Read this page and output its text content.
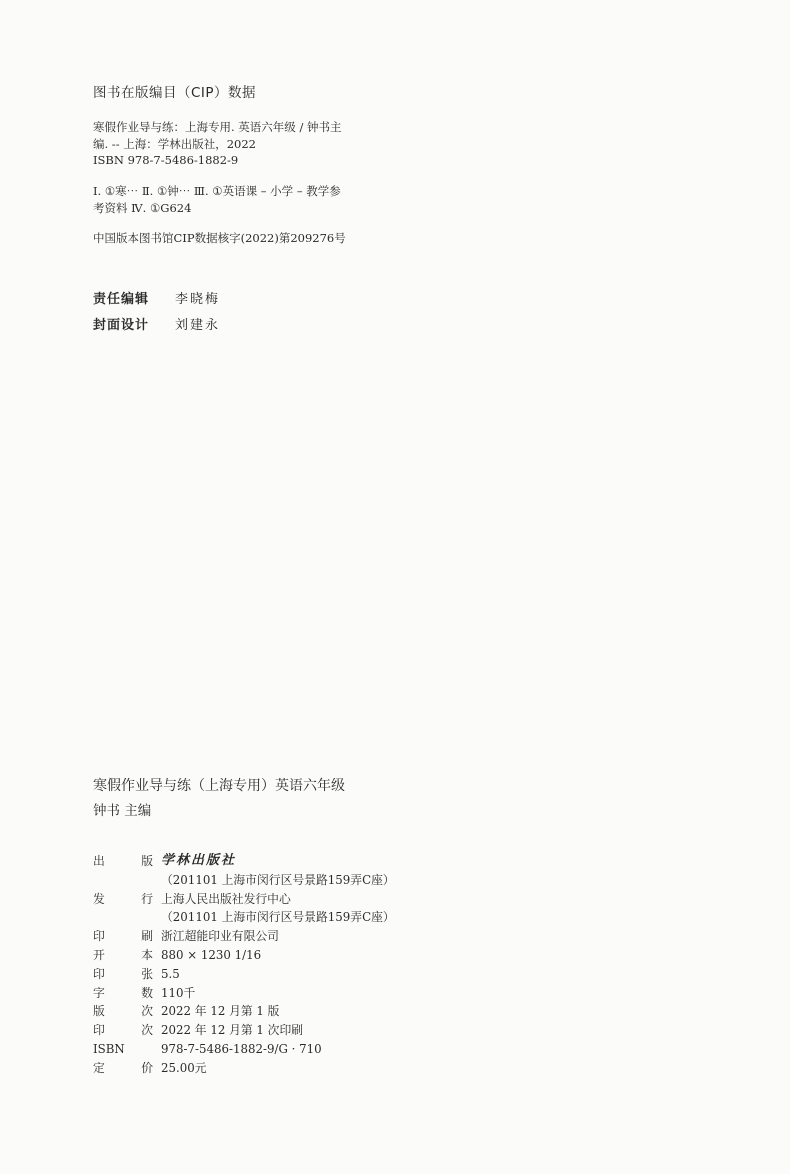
图书在版编目（CIP）数据
寒假作业导与练：上海专用. 英语六年级 / 钟书主
编. -- 上海：学林出版社，2022
ISBN 978-7-5486-1882-9
Ⅰ. ①寒⋯ Ⅱ. ①钟⋯ Ⅲ. ①英语课 – 小学 – 教学参
考资料 Ⅳ. ①G624
中国版本图书馆CIP数据核字(2022)第209276号
责任编辑 李晓梅
封面设计 刘建永
寒假作业导与练（上海专用）英语六年级
钟书 主编
出	版 学林出版社
（201101 上海市闵行区号景路159弄C座）
发	行 上海人民出版社发行中心
（201101 上海市闵行区号景路159弄C座）
印	刷 浙江超能印业有限公司
开	本 880 × 1230 1/16
印	张 5.5
字	数 110千
版	次 2022 年 12 月第 1 版
印	次 2022 年 12 月第 1 次印刷
ISBN	978-7-5486-1882-9/G · 710
定	价 25.00元
